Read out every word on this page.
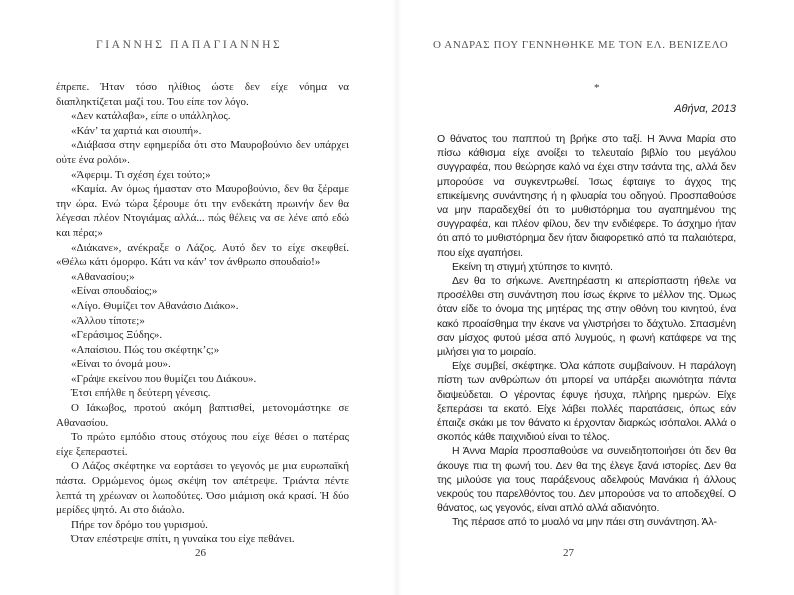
ΓΙΑΝΝΗΣ ΠΑΠΑΓΙΑΝΝΗΣ

έπρεπε. Ήταν τόσο ηλίθιος ώστε δεν είχε νόημα να διαπληκτίζεται μαζί του. Του είπε τον λόγο.

«Δεν κατάλαβα», είπε ο υπάλληλος.

«Κάν’ τα χαρτιά και σιουπή».

«Διάβασα στην εφημερίδα ότι στο Μαυροβούνιο δεν υπάρχει ούτε ένα ρολόι».

«Άφεριμ. Τι σχέση έχει τούτο;»

«Καμία. Αν όμως ήμασταν στο Μαυροβούνιο, δεν θα ξέραμε την ώρα. Ενώ τώρα ξέρουμε ότι την ενδεκάτη πρωινήν δεν θα λέγεσαι πλέον Ντογιάμας αλλά... πώς θέλεις να σε λένε από εδώ και πέρα;»

«Διάκανε», ανέκραξε ο Λάζος. Αυτό δεν το είχε σκεφθεί. «Θέλω κάτι όμορφο. Κάτι να κάν’ τον άνθρωπο σπουδαίο!»

«Αθανασίου;»

«Είναι σπουδαίος;»

«Λίγο. Θυμίζει τον Αθανάσιο Διάκο».

«Άλλου τίποτε;»

«Γεράσιμος Ξύδης».

«Απαίσιου. Πώς του σκέφτηκ’ς;»

«Είναι το όνομά μου».

«Γράψε εκείνου που θυμίζει του Διάκου».

Έτσι επήλθε η δεύτερη γένεσις.

Ο Ιάκωβος, προτού ακόμη βαπτισθεί, μετονομάστηκε σε Αθανασίου.

Το πρώτο εμπόδιο στους στόχους που είχε θέσει ο πατέρας είχε ξεπεραστεί.

Ο Λάζος σκέφτηκε να εορτάσει το γεγονός με μια ευρωπαϊκή πάστα. Ορμώμενος όμως σκέψη τον απέτρεψε. Τριάντα πέντε λεπτά τη χρέωναν οι λωποδύτες. Όσο μιάμιση οκά κρασί. Ή δύο μερίδες ψητό. Αι στο διάολο.

Πήρε τον δρόμο του γυρισμού.

Όταν επέστρεψε σπίτι, η γυναίκα του είχε πεθάνει.

26
Ο ΑΝΔΡΑΣ ΠΟΥ ΓΕΝΝΗΘΗΚΕ ΜΕ ΤΟΝ ΕΛ. ΒΕΝΙΖΕΛΟ
*
Αθήνα, 2013

Ο θάνατος του παππού τη βρήκε στο ταξί. Η Άννα Μαρία στο πίσω κάθισμα είχε ανοίξει το τελευταίο βιβλίο του μεγάλου συγγραφέα, που θεώρησε καλό να έχει στην τσάντα της, αλλά δεν μπορούσε να συγκεντρωθεί. Ίσως έφταιγε το άγχος της επικείμενης συνάντησης ή η φλυαρία του οδηγού. Προσπαθούσε να μην παραδεχθεί ότι το μυθιστόρημα του αγαπημένου της συγγραφέα, και πλέον φίλου, δεν την ενδιέφερε. Το άσχημο ήταν ότι από το μυθιστόρημα δεν ήταν διαφορετικό από τα παλαιότερα, που είχε αγαπήσει.

Εκείνη τη στιγμή χτύπησε το κινητό.

Δεν θα το σήκωνε. Ανεπηρέαστη κι απερίσπαστη ήθελε να προσέλθει στη συνάντηση που ίσως έκρινε το μέλλον της. Όμως όταν είδε το όνομα της μητέρας της στην οθόνη του κινητού, ένα κακό προαίσθημα την έκανε να γλιστρήσει το δάχτυλο. Σπασμένη σαν μίσχος φυτού μέσα από λυγμούς, η φωνή κατάφερε να της μιλήσει για το μοιραίο.

Είχε συμβεί, σκέφτηκε. Όλα κάποτε συμβαίνουν. Η παράλογη πίστη των ανθρώπων ότι μπορεί να υπάρξει αιωνιότητα πάντα διαψεύδεται. Ο γέροντας έφυγε ήσυχα, πλήρης ημερών. Είχε ξεπεράσει τα εκατό. Είχε λάβει πολλές παρατάσεις, όπως εάν έπαιζε σκάκι με τον θάνατο κι έρχονταν διαρκώς ισόπαλοι. Αλλά ο σκοπός κάθε παιχνιδιού είναι το τέλος.

Η Άννα Μαρία προσπαθούσε να συνειδητοποιήσει ότι δεν θα άκουγε πια τη φωνή του. Δεν θα της έλεγε ξανά ιστορίες. Δεν θα της μιλούσε για τους παράξενους αδελφούς Μανάκια ή άλλους νεκρούς του παρελθόντος του. Δεν μπορούσε να το αποδεχθεί. Ο θάνατος, ως γεγονός, είναι απλό αλλά αδιανόητο.

Της πέρασε από το μυαλό να μην πάει στη συνάντηση. Άλ-

27
